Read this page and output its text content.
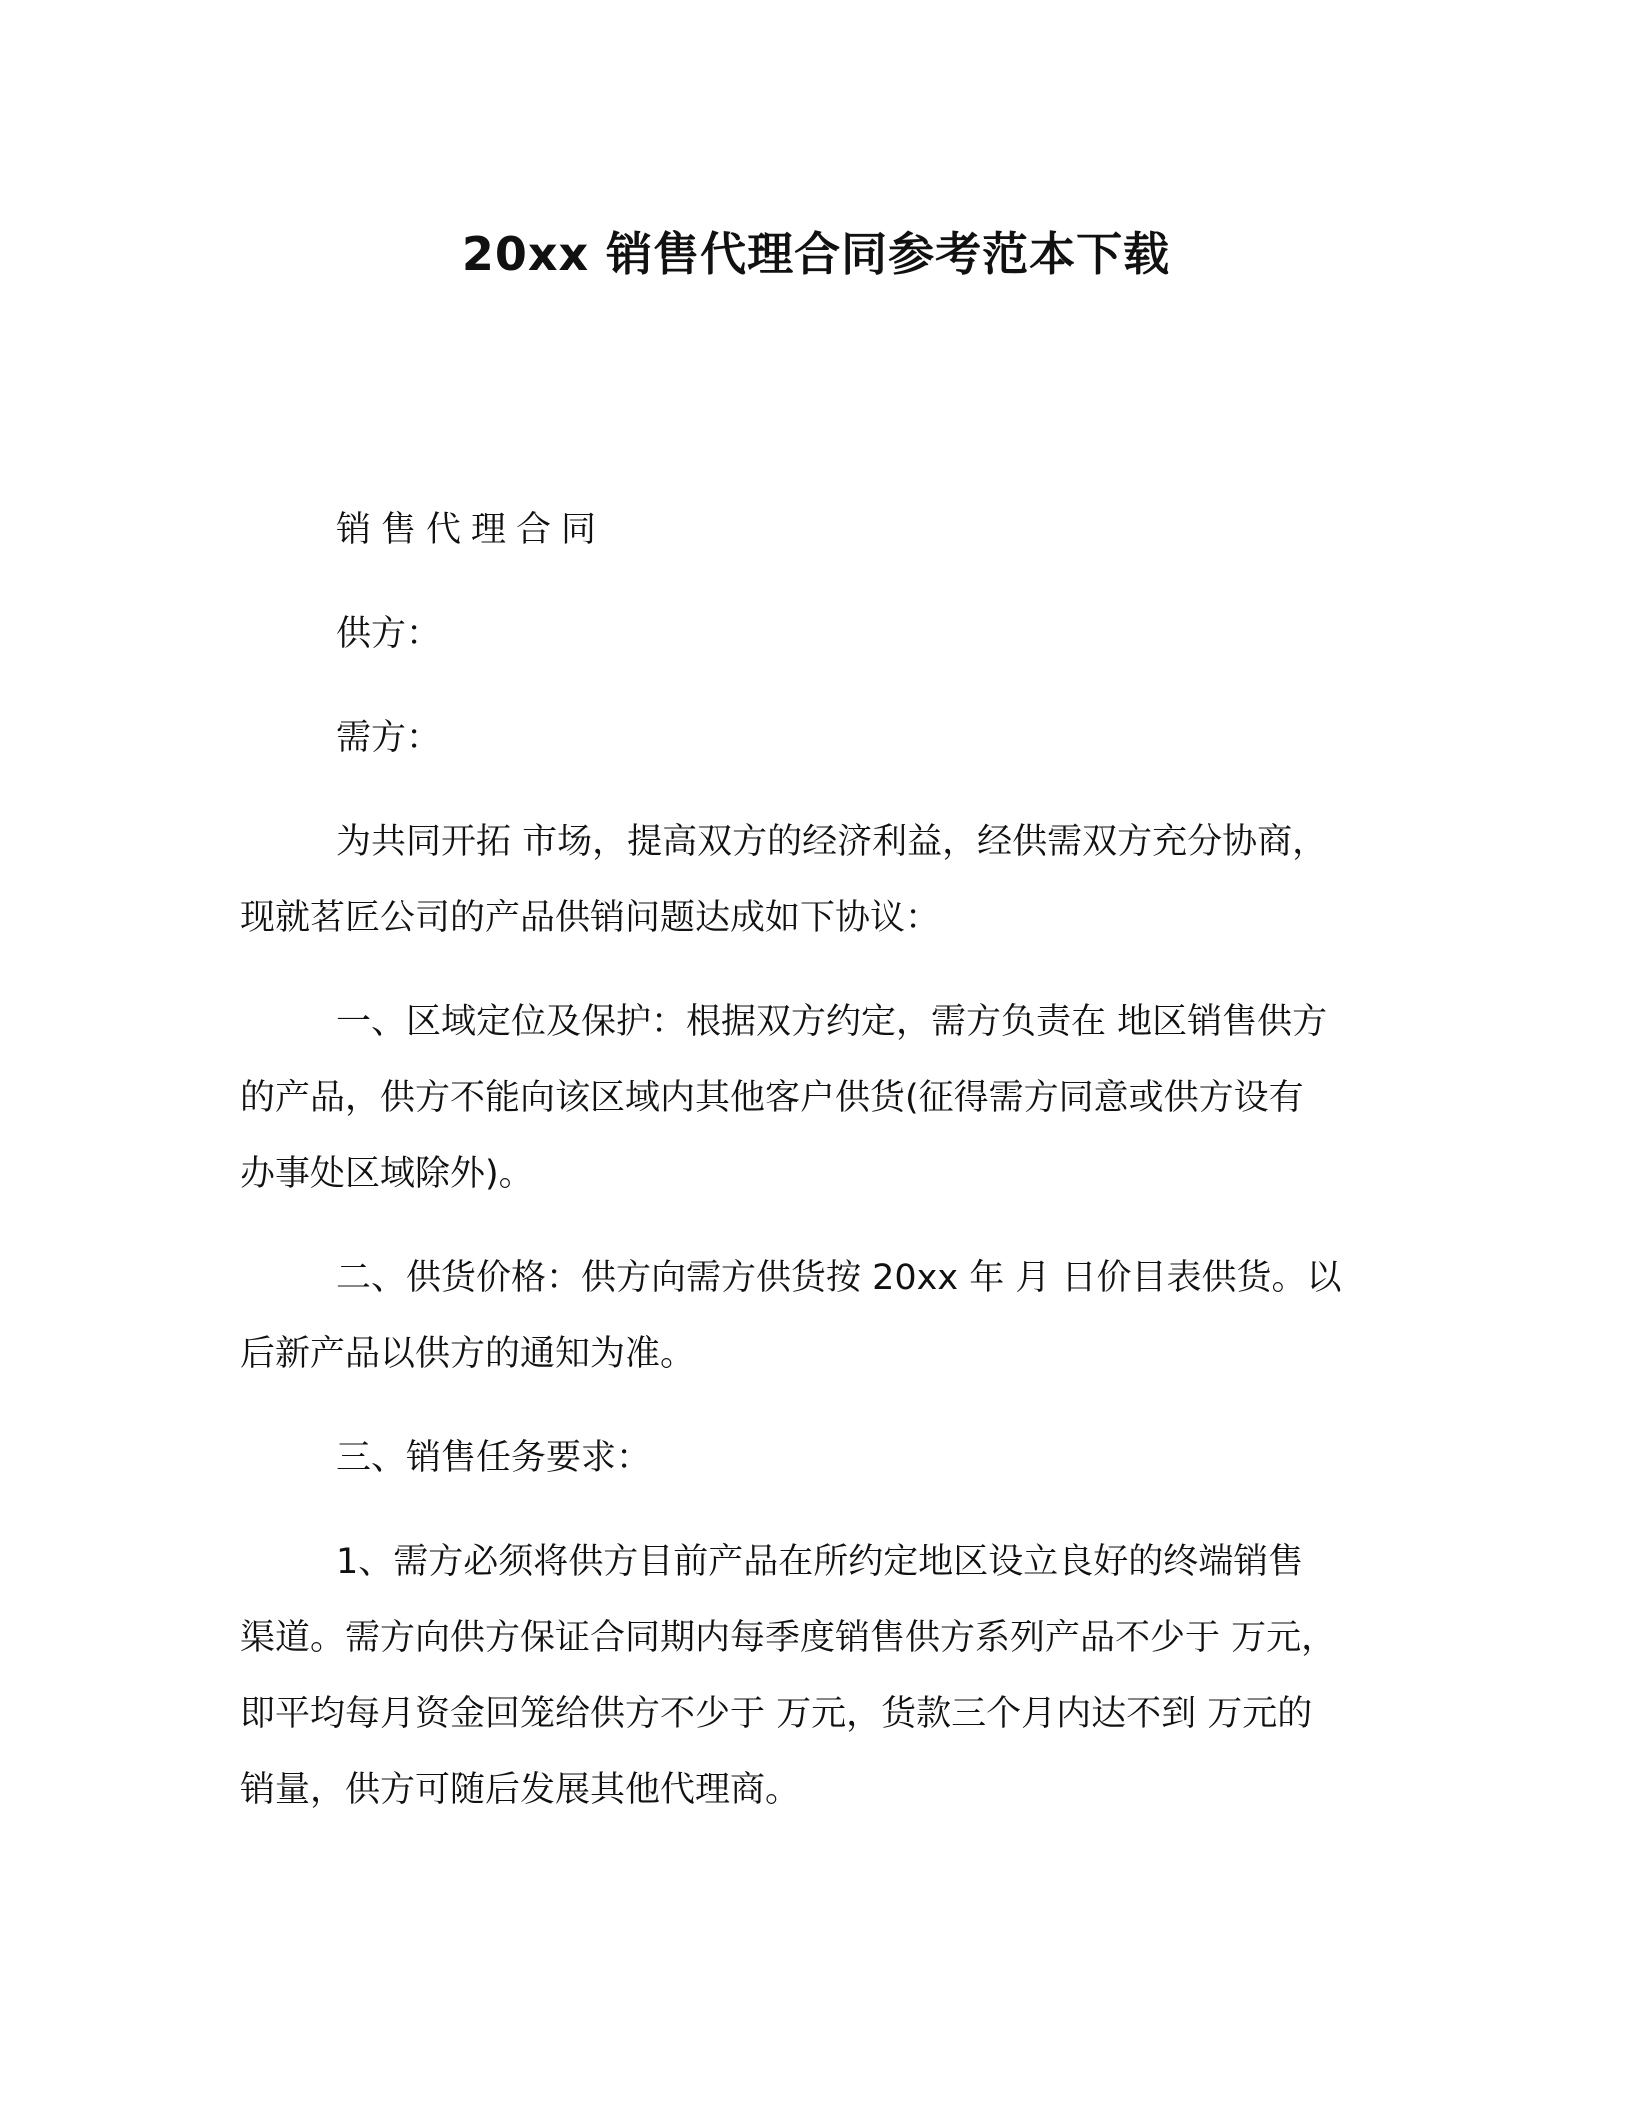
20xx 销售代理合同参考范本下载
销售代理合同
供方：
需方：
为共同开拓 市场，提高双方的经济利益，经供需双方充分协商，
现就茗匠公司的产品供销问题达成如下协议：
一、区域定位及保护：根据双方约定，需方负责在 地区销售供方
的产品，供方不能向该区域内其他客户供货(征得需方同意或供方设有
办事处区域除外)。
二、供货价格：供方向需方供货按 20xx 年 月 日价目表供货。以
后新产品以供方的通知为准。
三、销售任务要求：
1、需方必须将供方目前产品在所约定地区设立良好的终端销售
渠道。需方向供方保证合同期内每季度销售供方系列产品不少于 万元，
即平均每月资金回笼给供方不少于 万元，货款三个月内达不到 万元的
销量，供方可随后发展其他代理商。
